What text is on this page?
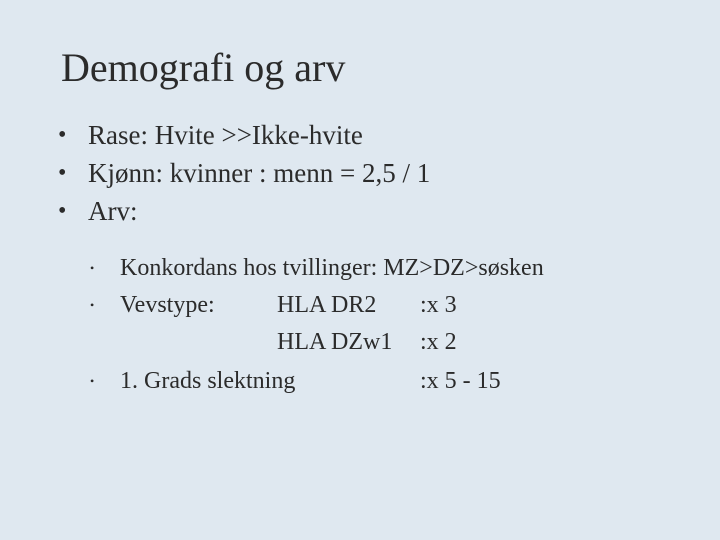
Demografi og arv
• Rase: Hvite >>Ikke-hvite
• Kjønn: kvinner : menn = 2,5 / 1
• Arv:
• Konkordans hos tvillinger: MZ>DZ>søsken
• Vevstype:	HLA DR2 :x 3
HLA DZw1 :x 2
• 1. Grads slektning	:x 5 - 15
